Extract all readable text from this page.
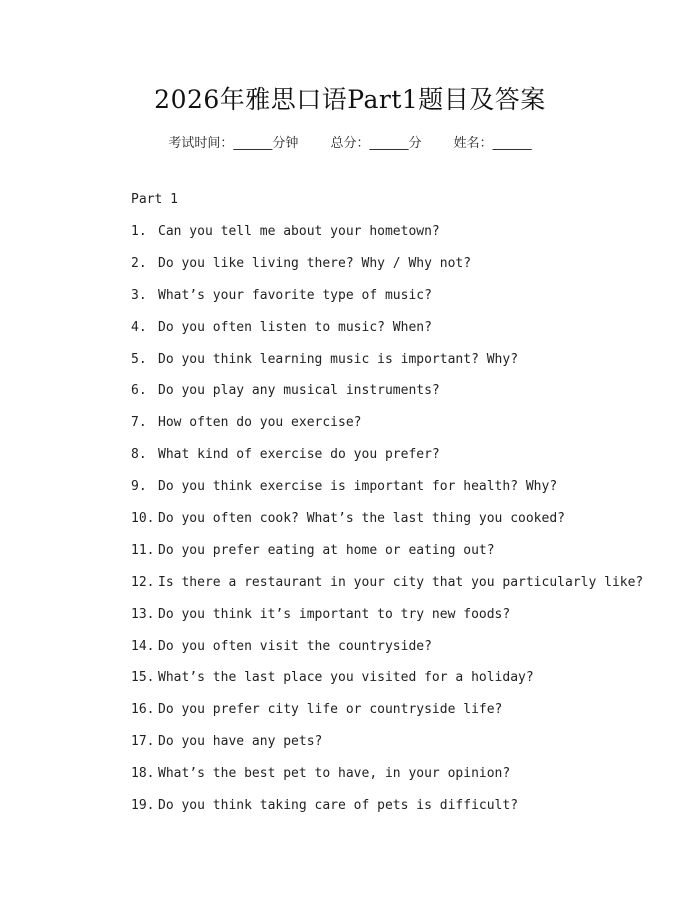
2026年雅思口语Part1题目及答案
考试时间：______分钟 总分：______分 姓名：______
Part 1
1. Can you tell me about your hometown?
2. Do you like living there? Why / Why not?
3. What’s your favorite type of music?
4. Do you often listen to music? When?
5. Do you think learning music is important? Why?
6. Do you play any musical instruments?
7. How often do you exercise?
8. What kind of exercise do you prefer?
9. Do you think exercise is important for health? Why?
10. Do you often cook? What’s the last thing you cooked?
11. Do you prefer eating at home or eating out?
12. Is there a restaurant in your city that you particularly like?
13. Do you think it’s important to try new foods?
14. Do you often visit the countryside?
15. What’s the last place you visited for a holiday?
16. Do you prefer city life or countryside life?
17. Do you have any pets?
18. What’s the best pet to have, in your opinion?
19. Do you think taking care of pets is difficult?
